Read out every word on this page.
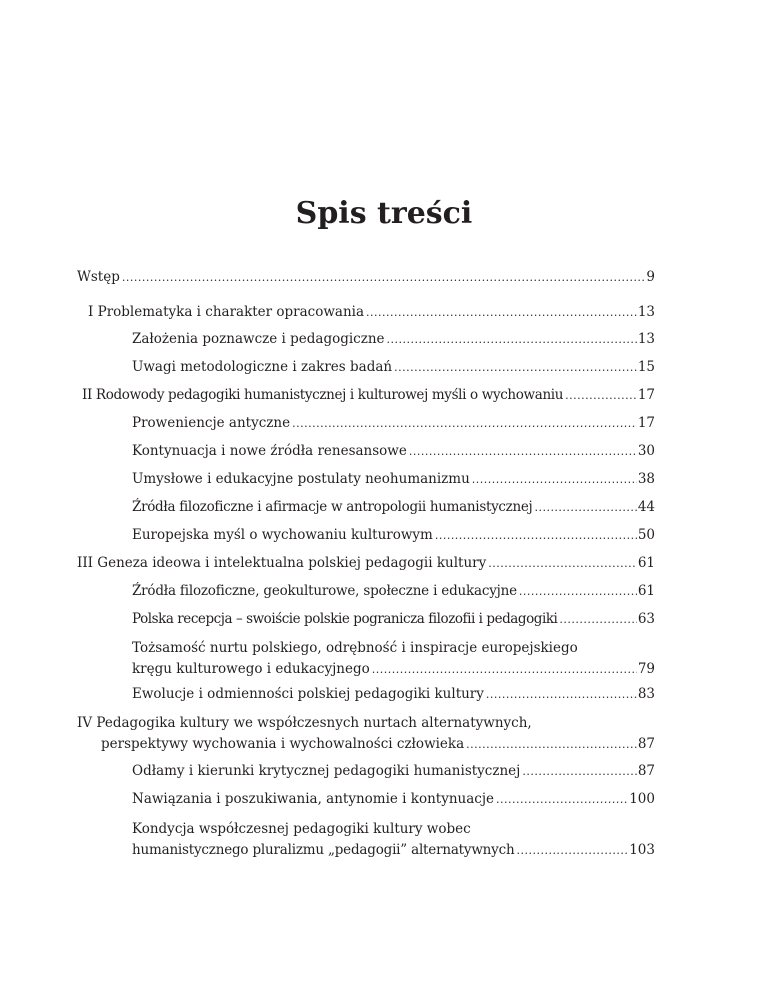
Spis treści
Wstęp .....	9
I Problematyka i charakter opracowania .....	13
Założenia poznawcze i pedagogiczne .....	13
Uwagi metodologiczne i zakres badań .....	15
II Rodowody pedagogiki humanistycznej i kulturowej myśli o wychowaniu .....	17
Proweniencje antyczne .....	17
Kontynuacja i nowe źródła renesansowe .....	30
Umysłowe i edukacyjne postulaty neohumanizmu .....	38
Źródła filozoficzne i afirmacje w antropologii humanistycznej .....	44
Europejska myśl o wychowaniu kulturowym .....	50
III Geneza ideowa i intelektualna polskiej pedagogii kultury .....	61
Źródła filozoficzne, geokulturowe, społeczne i edukacyjne .....	61
Polska recepcja – swoiście polskie pogranicza filozofii i pedagogiki .....	63
Tożsamość nurtu polskiego, odrębność i inspiracje europejskiego
kręgu kulturowego i edukacyjnego .....	79
Ewolucje i odmienności polskiej pedagogiki kultury .....	83
IV Pedagogika kultury we współczesnych nurtach alternatywnych,
perspektywy wychowania i wychowalności człowieka .....	87
Odłamy i kierunki krytycznej pedagogiki humanistycznej .....	87
Nawiązania i poszukiwania, antynomie i kontynuacje .....	100
Kondycja współczesnej pedagogiki kultury wobec
humanistycznego pluralizmu „pedagogii” alternatywnych .....	103
